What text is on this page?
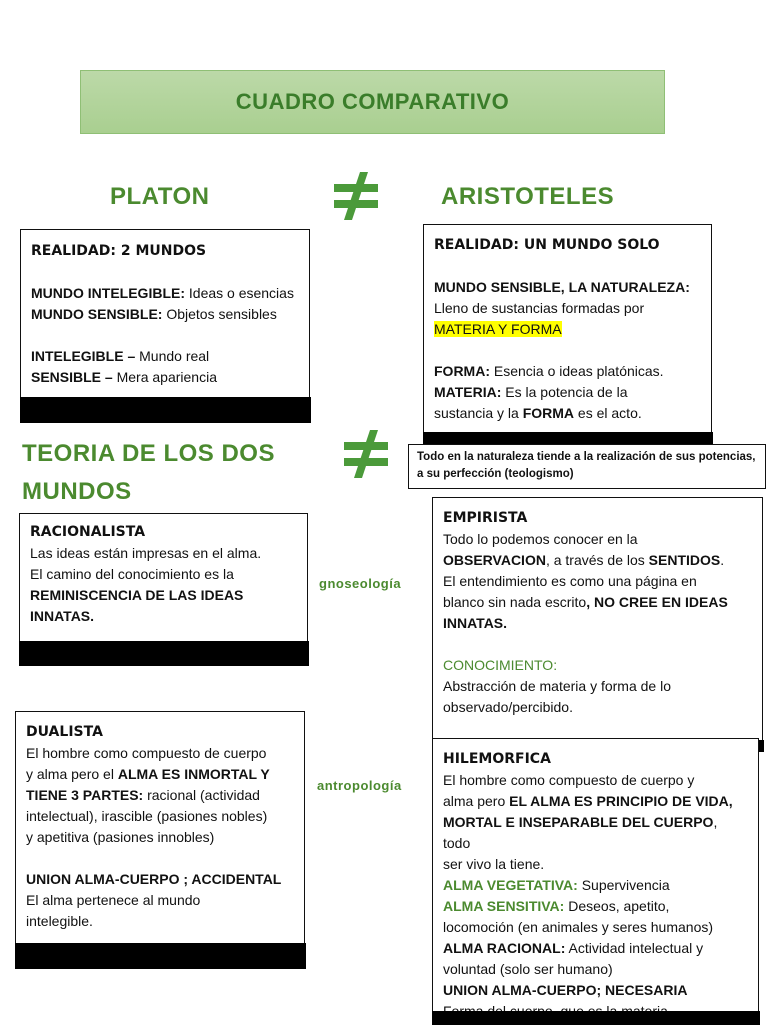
CUADRO COMPARATIVO
PLATON	ARISTOTELES

REALIDAD: 2 MUNDOS

MUNDO INTELEGIBLE: Ideas o esencias
MUNDO SENSIBLE: Objetos sensibles
INTELEGIBLE – Mundo real
SENSIBLE – Mera apariencia

REALIDAD: UN MUNDO SOLO

MUNDO SENSIBLE, LA NATURALEZA:
Lleno de sustancias formadas por
MATERIA Y FORMA
FORMA: Esencia o ideas platónicas.
MATERIA: Es la potencia de la
sustancia y la FORMA es el acto.
TEORIA DE LOS DOS
MUNDOS
Todo en la naturaleza tiende a la realización de sus potencias, a su perfección (teologismo)

RACIONALISTA

Las ideas están impresas en el alma.
El camino del conocimiento es la
REMINISCENCIA DE LAS IDEAS
INNATAS.
gnoseología

EMPIRISTA

Todo lo podemos conocer en la
OBSERVACION, a través de los SENTIDOS.
El entendimiento es como una página en
blanco sin nada escrito, NO CREE EN IDEAS
INNATAS.
CONOCIMIENTO:
Abstracción de materia y forma de lo
observado/percibido.

DUALISTA

El hombre como compuesto de cuerpo
y alma pero el ALMA ES INMORTAL Y
TIENE 3 PARTES: racional (actividad
intelectual), irascible (pasiones nobles)
y apetitiva (pasiones innobles)
UNION ALMA-CUERPO ; ACCIDENTAL
El alma pertenece al mundo
intelegible.
antropología

HILEMORFICA

El hombre como compuesto de cuerpo y
alma pero EL ALMA ES PRINCIPIO DE VIDA,
MORTAL E INSEPARABLE DEL CUERPO, todo
ser vivo la tiene.
ALMA VEGETATIVA: Supervivencia
ALMA SENSITIVA: Deseos, apetito,
locomoción (en animales y seres humanos)
ALMA RACIONAL: Actividad intelectual y
voluntad (solo ser humano)
UNION ALMA-CUERPO; NECESARIA
